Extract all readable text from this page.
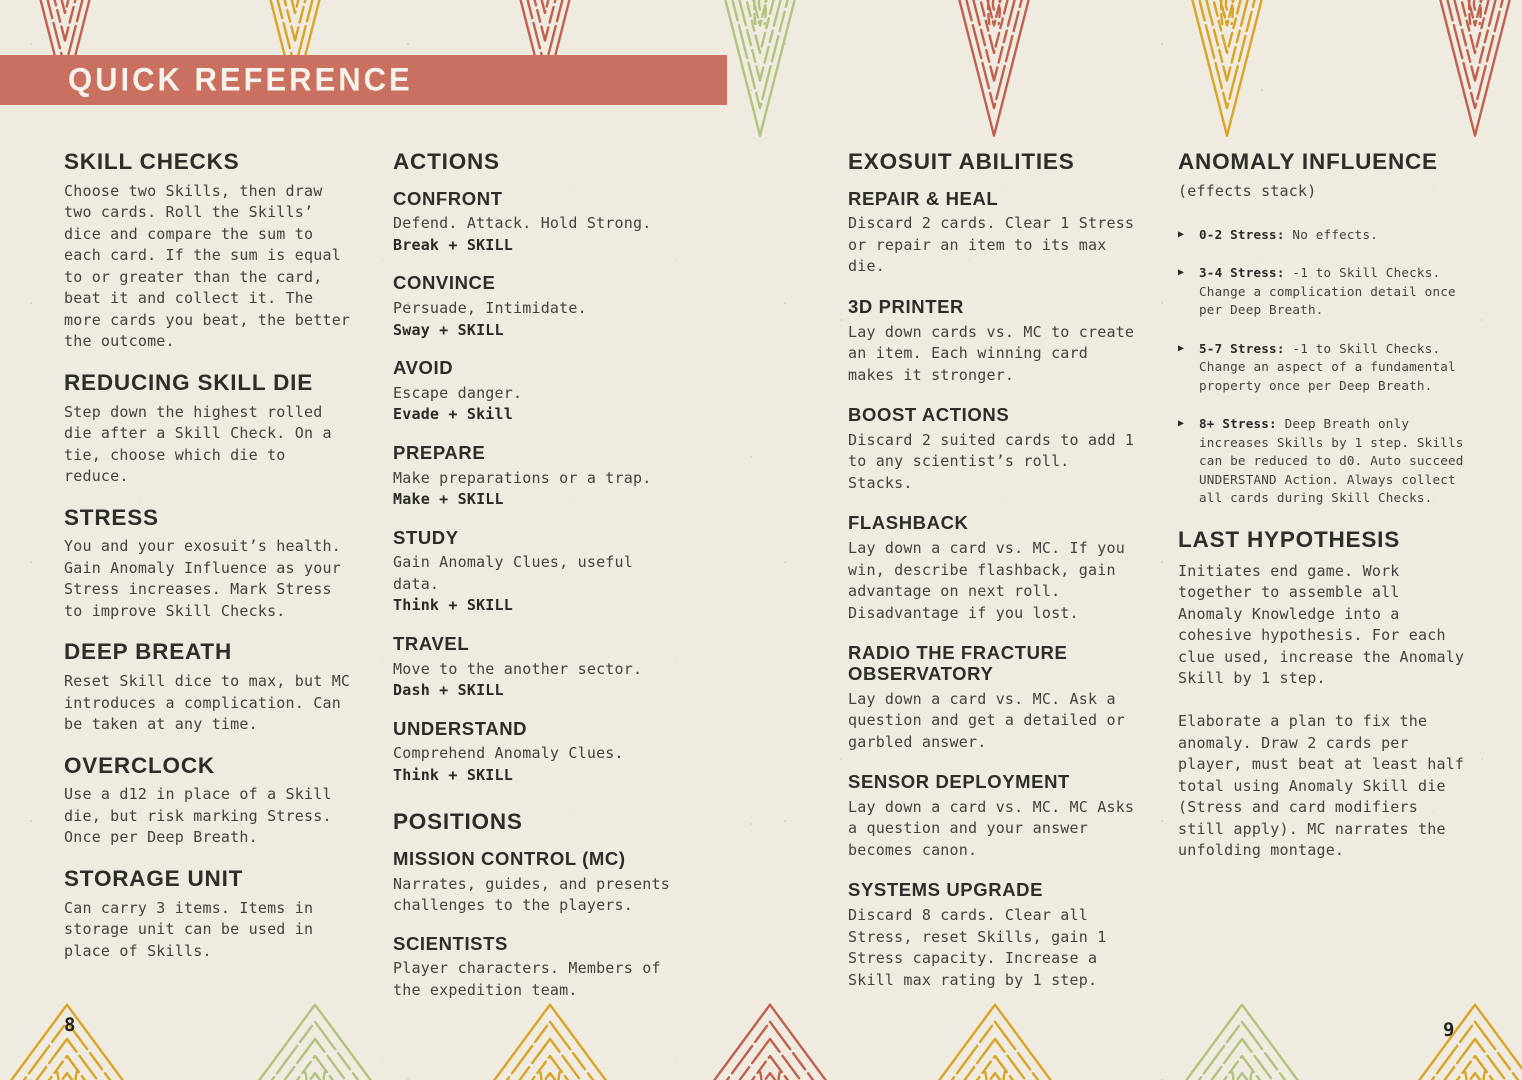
QUICK REFERENCE
SKILL CHECKS

Choose two Skills, then draw two cards. Roll the Skills’ dice and compare the sum to each card. If the sum is equal to or greater than the card, beat it and collect it. The more cards you beat, the better the outcome.

REDUCING SKILL DIE

Step down the highest rolled die after a Skill Check. On a tie, choose which die to reduce.

STRESS

You and your exosuit’s health. Gain Anomaly Influence as your Stress increases. Mark Stress to improve Skill Checks.

DEEP BREATH

Reset Skill dice to max, but MC introduces a complication. Can be taken at any time.

OVERCLOCK

Use a d12 in place of a Skill die, but risk marking Stress. Once per Deep Breath.

STORAGE UNIT

Can carry 3 items. Items in storage unit can be used in place of Skills.

ACTIONS
CONFRONT

Defend. Attack. Hold Strong.

Break + SKILL

CONVINCE

Persuade, Intimidate.

Sway + SKILL

AVOID

Escape danger.

Evade + Skill

PREPARE

Make preparations or a trap.

Make + SKILL

STUDY

Gain Anomaly Clues, useful data.

Think + SKILL

TRAVEL

Move to the another sector.

Dash + SKILL

UNDERSTAND

Comprehend Anomaly Clues.

Think + SKILL

POSITIONS
MISSION CONTROL (MC)

Narrates, guides, and presents challenges to the players.

SCIENTISTS

Player characters. Members of the expedition team.

EXOSUIT ABILITIES
REPAIR & HEAL

Discard 2 cards. Clear 1 Stress or repair an item to its max die.

3D PRINTER

Lay down cards vs. MC to create an item. Each winning card makes it stronger.

BOOST ACTIONS

Discard 2 suited cards to add 1 to any scientist’s roll. Stacks.

FLASHBACK

Lay down a card vs. MC. If you win, describe flashback, gain advantage on next roll. Disadvantage if you lost.

RADIO THE FRACTURE OBSERVATORY

Lay down a card vs. MC. Ask a question and get a detailed or garbled answer.

SENSOR DEPLOYMENT

Lay down a card vs. MC. MC Asks a question and your answer becomes canon.

SYSTEMS UPGRADE

Discard 8 cards. Clear all Stress, reset Skills, gain 1 Stress capacity. Increase a Skill max rating by 1 step.

ANOMALY INFLUENCE

(effects stack)

▶	0-2 Stress: No effects.

▶	3-4 Stress: -1 to Skill Checks. Change a complication detail once per Deep Breath.

▶	5-7 Stress: -1 to Skill Checks. Change an aspect of a fundamental property once per Deep Breath.

▶	8+ Stress: Deep Breath only increases Skills by 1 step. Skills can be reduced to d0. Auto succeed UNDERSTAND Action. Always collect all cards during Skill Checks.

LAST HYPOTHESIS

Initiates end game. Work together to assemble all Anomaly Knowledge into a cohesive hypothesis. For each clue used, increase the Anomaly Skill by 1 step.

Elaborate a plan to fix the anomaly. Draw 2 cards per player, must beat at least half total using Anomaly Skill die (Stress and card modifiers still apply). MC narrates the unfolding montage.

8	9
